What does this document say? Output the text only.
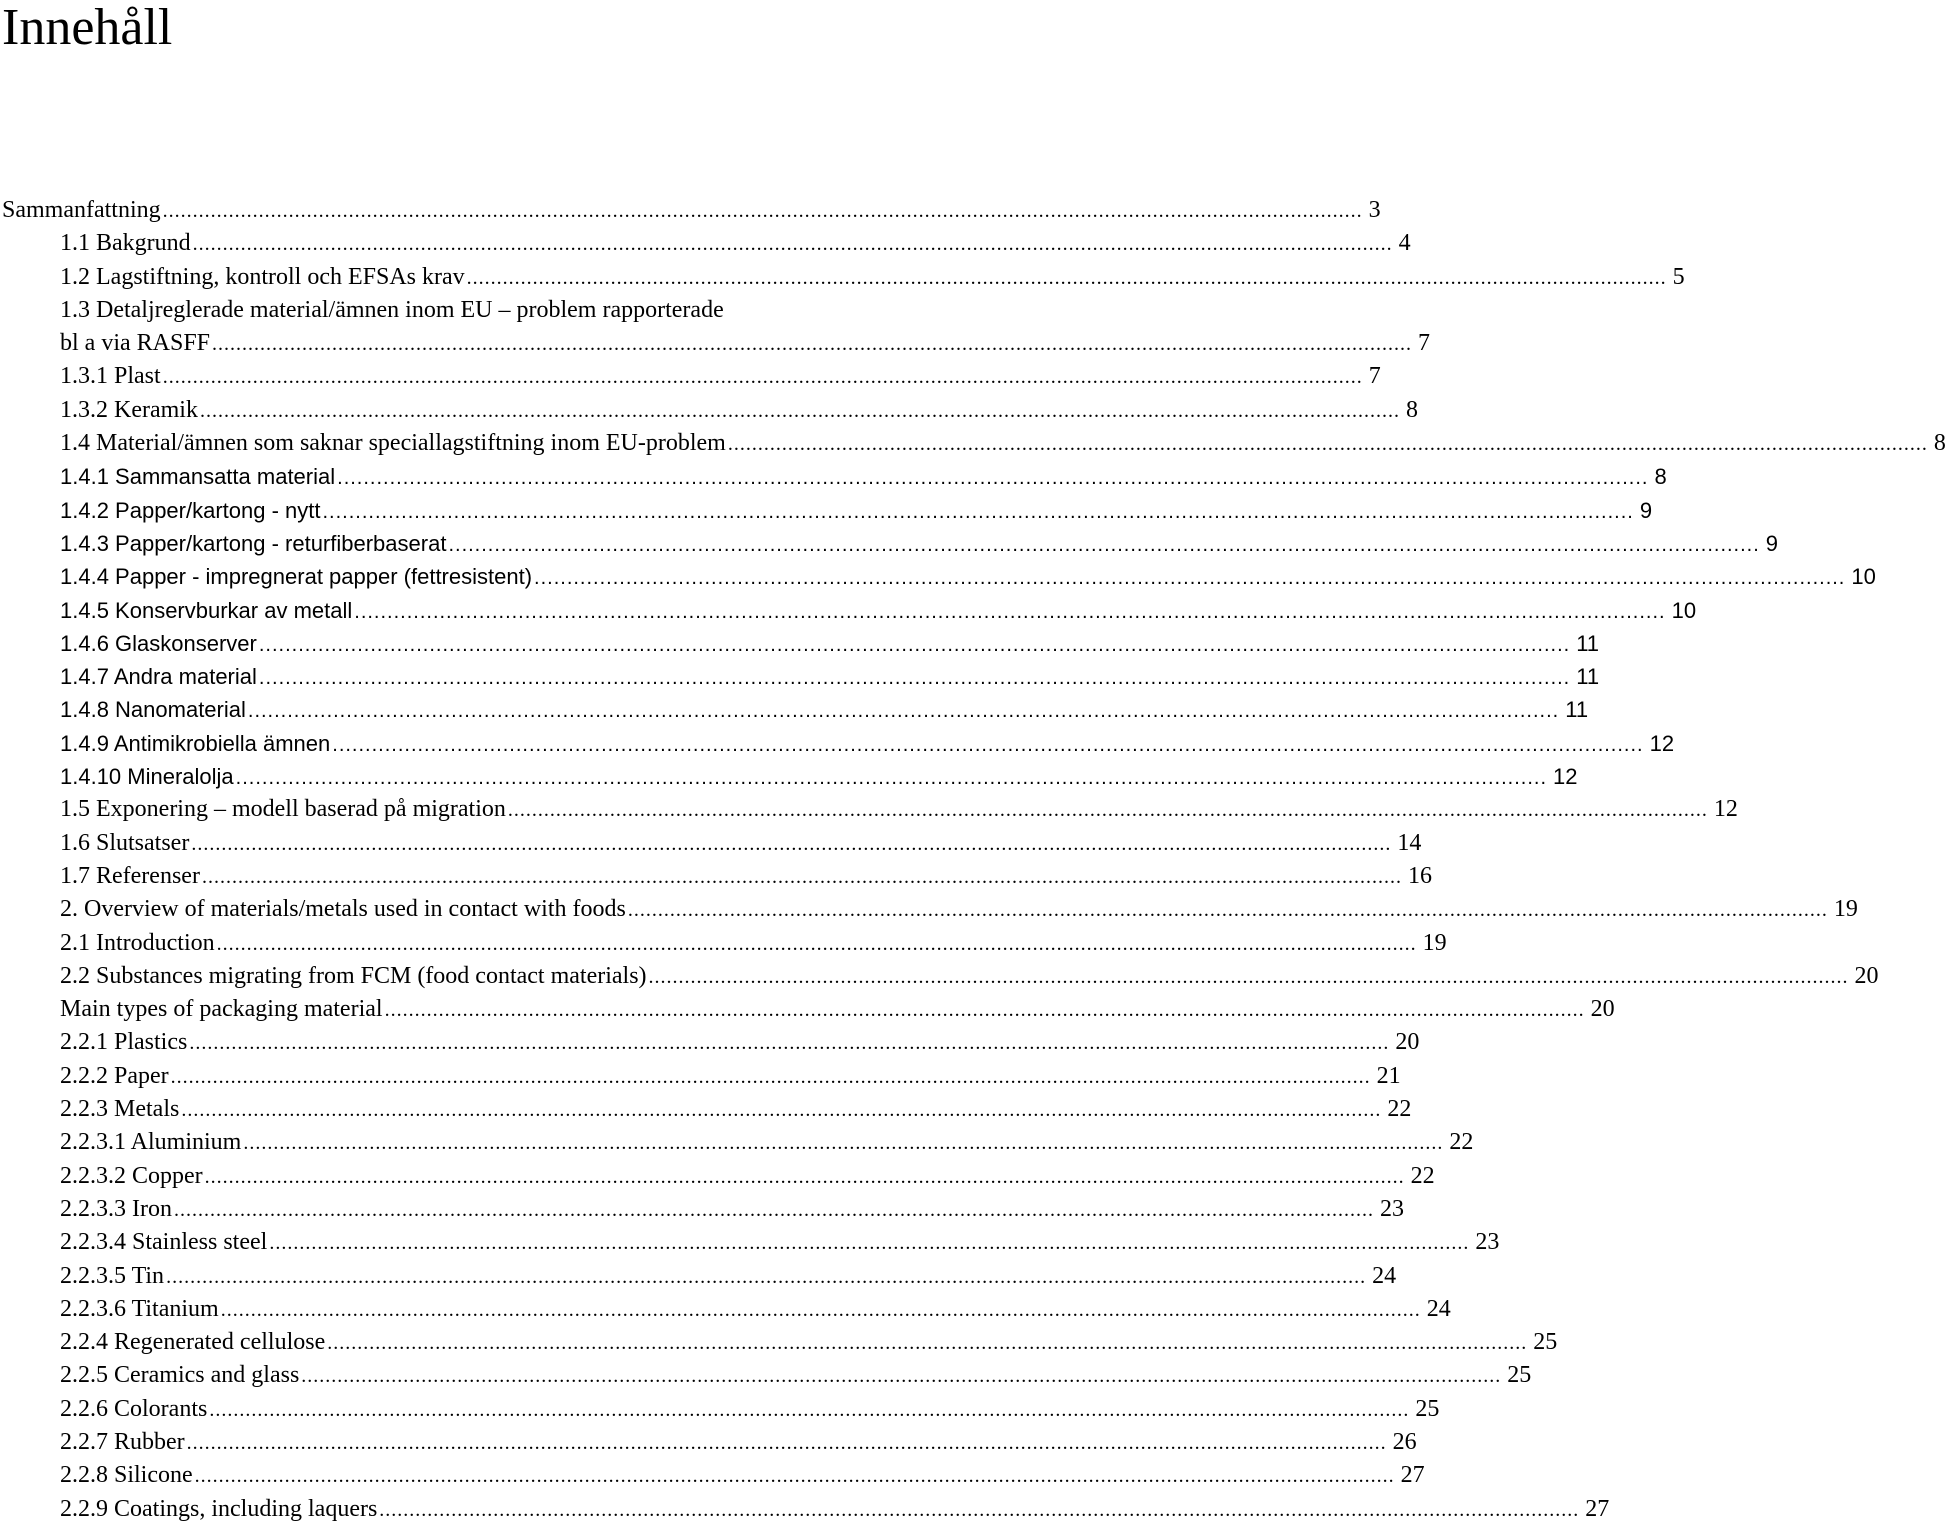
Innehåll
Sammanfattning ........................................................................................................................................................................................................ 3
1.1 Bakgrund ........................................................................................................................................................................................................ 4
1.2 Lagstiftning, kontroll och EFSAs krav ........................................................................................................................................................................................................ 5
1.3 Detaljreglerade material/ämnen inom EU – problem rapporterade
bl a via RASFF ........................................................................................................................................................................................................ 7
1.3.1 Plast ........................................................................................................................................................................................................ 7
1.3.2 Keramik ........................................................................................................................................................................................................ 8
1.4 Material/ämnen som saknar speciallagstiftning inom EU-problem ........................................................................................................................................................................................................ 8
1.4.1 Sammansatta material ........................................................................................................................................................................................................ 8
1.4.2 Papper/kartong - nytt ........................................................................................................................................................................................................ 9
1.4.3 Papper/kartong - returfiberbaserat ........................................................................................................................................................................................................ 9
1.4.4 Papper - impregnerat papper (fettresistent) ........................................................................................................................................................................................................ 10
1.4.5 Konservburkar av metall ........................................................................................................................................................................................................ 10
1.4.6 Glaskonserver ........................................................................................................................................................................................................ 11
1.4.7 Andra material ........................................................................................................................................................................................................ 11
1.4.8 Nanomaterial ........................................................................................................................................................................................................ 11
1.4.9 Antimikrobiella ämnen ........................................................................................................................................................................................................ 12
1.4.10 Mineralolja ........................................................................................................................................................................................................ 12
1.5 Exponering – modell baserad på migration ........................................................................................................................................................................................................ 12
1.6 Slutsatser ........................................................................................................................................................................................................ 14
1.7 Referenser ........................................................................................................................................................................................................ 16
2. Overview of materials/metals used in contact with foods ........................................................................................................................................................................................................ 19
2.1 Introduction ........................................................................................................................................................................................................ 19
2.2 Substances migrating from FCM (food contact materials) ........................................................................................................................................................................................................ 20
Main types of packaging material ........................................................................................................................................................................................................ 20
2.2.1 Plastics ........................................................................................................................................................................................................ 20
2.2.2 Paper ........................................................................................................................................................................................................ 21
2.2.3 Metals ........................................................................................................................................................................................................ 22
2.2.3.1 Aluminium ........................................................................................................................................................................................................ 22
2.2.3.2 Copper ........................................................................................................................................................................................................ 22
2.2.3.3 Iron ........................................................................................................................................................................................................ 23
2.2.3.4 Stainless steel ........................................................................................................................................................................................................ 23
2.2.3.5 Tin ........................................................................................................................................................................................................ 24
2.2.3.6 Titanium ........................................................................................................................................................................................................ 24
2.2.4 Regenerated cellulose ........................................................................................................................................................................................................ 25
2.2.5 Ceramics and glass ........................................................................................................................................................................................................ 25
2.2.6 Colorants ........................................................................................................................................................................................................ 25
2.2.7 Rubber ........................................................................................................................................................................................................ 26
2.2.8 Silicone ........................................................................................................................................................................................................ 27
2.2.9 Coatings, including laquers ........................................................................................................................................................................................................ 27
